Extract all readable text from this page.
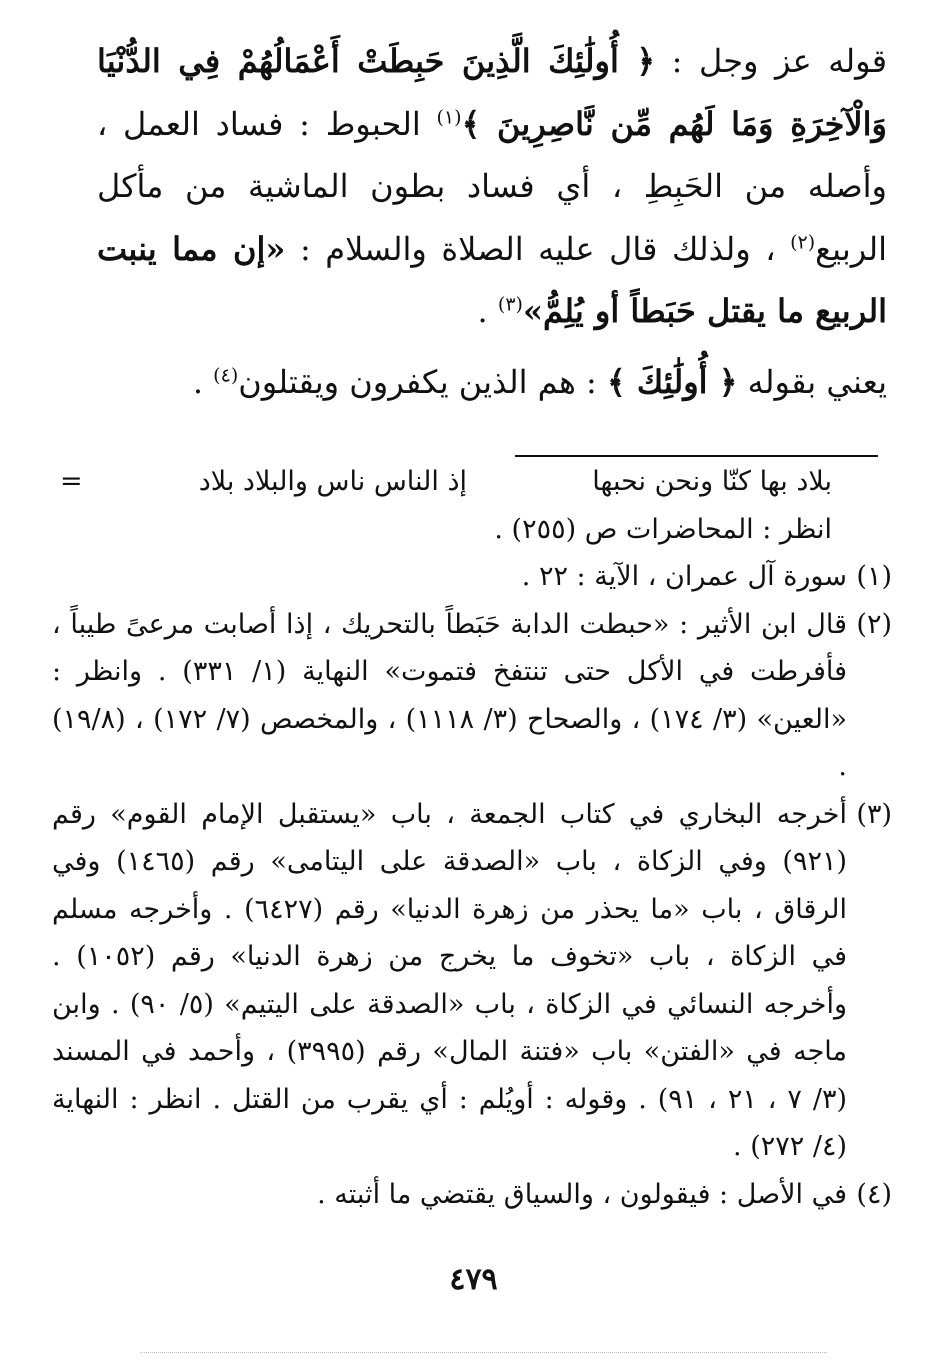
قوله عز وجل : ﴿ أُولَٰئِكَ الَّذِينَ حَبِطَتْ أَعْمَالُهُمْ فِي الدُّنْيَا وَالْآخِرَةِ وَمَا لَهُم مِّن نَّاصِرِينَ ﴾$^{(١)}$ الحبوط : فساد العمل ، وأصله من الحَبِطِ ، أي فساد بطون الماشية من مأكل الربيع$^{(٢)}$ ، ولذلك قال عليه الصلاة والسلام : «إن مما ينبت الربيع ما يقتل حَبَطاً أو يُلِمُّ»$^{(٣)}$ .

يعني بقوله ﴿ أُولَٰئِكَ ﴾ : هم الذين يكفرون ويقتلون$^{(٤)}$ .

=	بلاد بها كنّا ونحن نحبها
إذ الناس ناس والبلاد بلاد
انظر : المحاضرات ص (٢٥٥) .
(١)
سورة آل عمران ، الآية : ٢٢ .
(٢)
قال ابن الأثير : «حبطت الدابة حَبَطاً بالتحريك ، إذا أصابت مرعىً طيباً ، فأفرطت في الأكل حتى تنتفخ فتموت» النهاية (١/ ٣٣١) . وانظر : «العين» (٣/ ١٧٤) ، والصحاح (٣/ ١١١٨) ، والمخصص (٧/ ١٧٢) ، (١٩/٨) .
(٣)
أخرجه البخاري في كتاب الجمعة ، باب «يستقبل الإمام القوم» رقم (٩٢١) وفي الزكاة ، باب «الصدقة على اليتامى» رقم (١٤٦٥) وفي الرقاق ، باب «ما يحذر من زهرة الدنيا» رقم (٦٤٢٧) . وأخرجه مسلم في الزكاة ، باب «تخوف ما يخرج من زهرة الدنيا» رقم (١٠٥٢) . وأخرجه النسائي في الزكاة ، باب «الصدقة على اليتيم» (٥/ ٩٠) . وابن ماجه في «الفتن» باب «فتنة المال» رقم (٣٩٩٥) ، وأحمد في المسند (٣/ ٧ ، ٢١ ، ٩١) . وقوله : أويُلم : أي يقرب من القتل . انظر : النهاية (٤/ ٢٧٢) .
(٤)
في الأصل : فيقولون ، والسياق يقتضي ما أثبته .
٤٧٩
